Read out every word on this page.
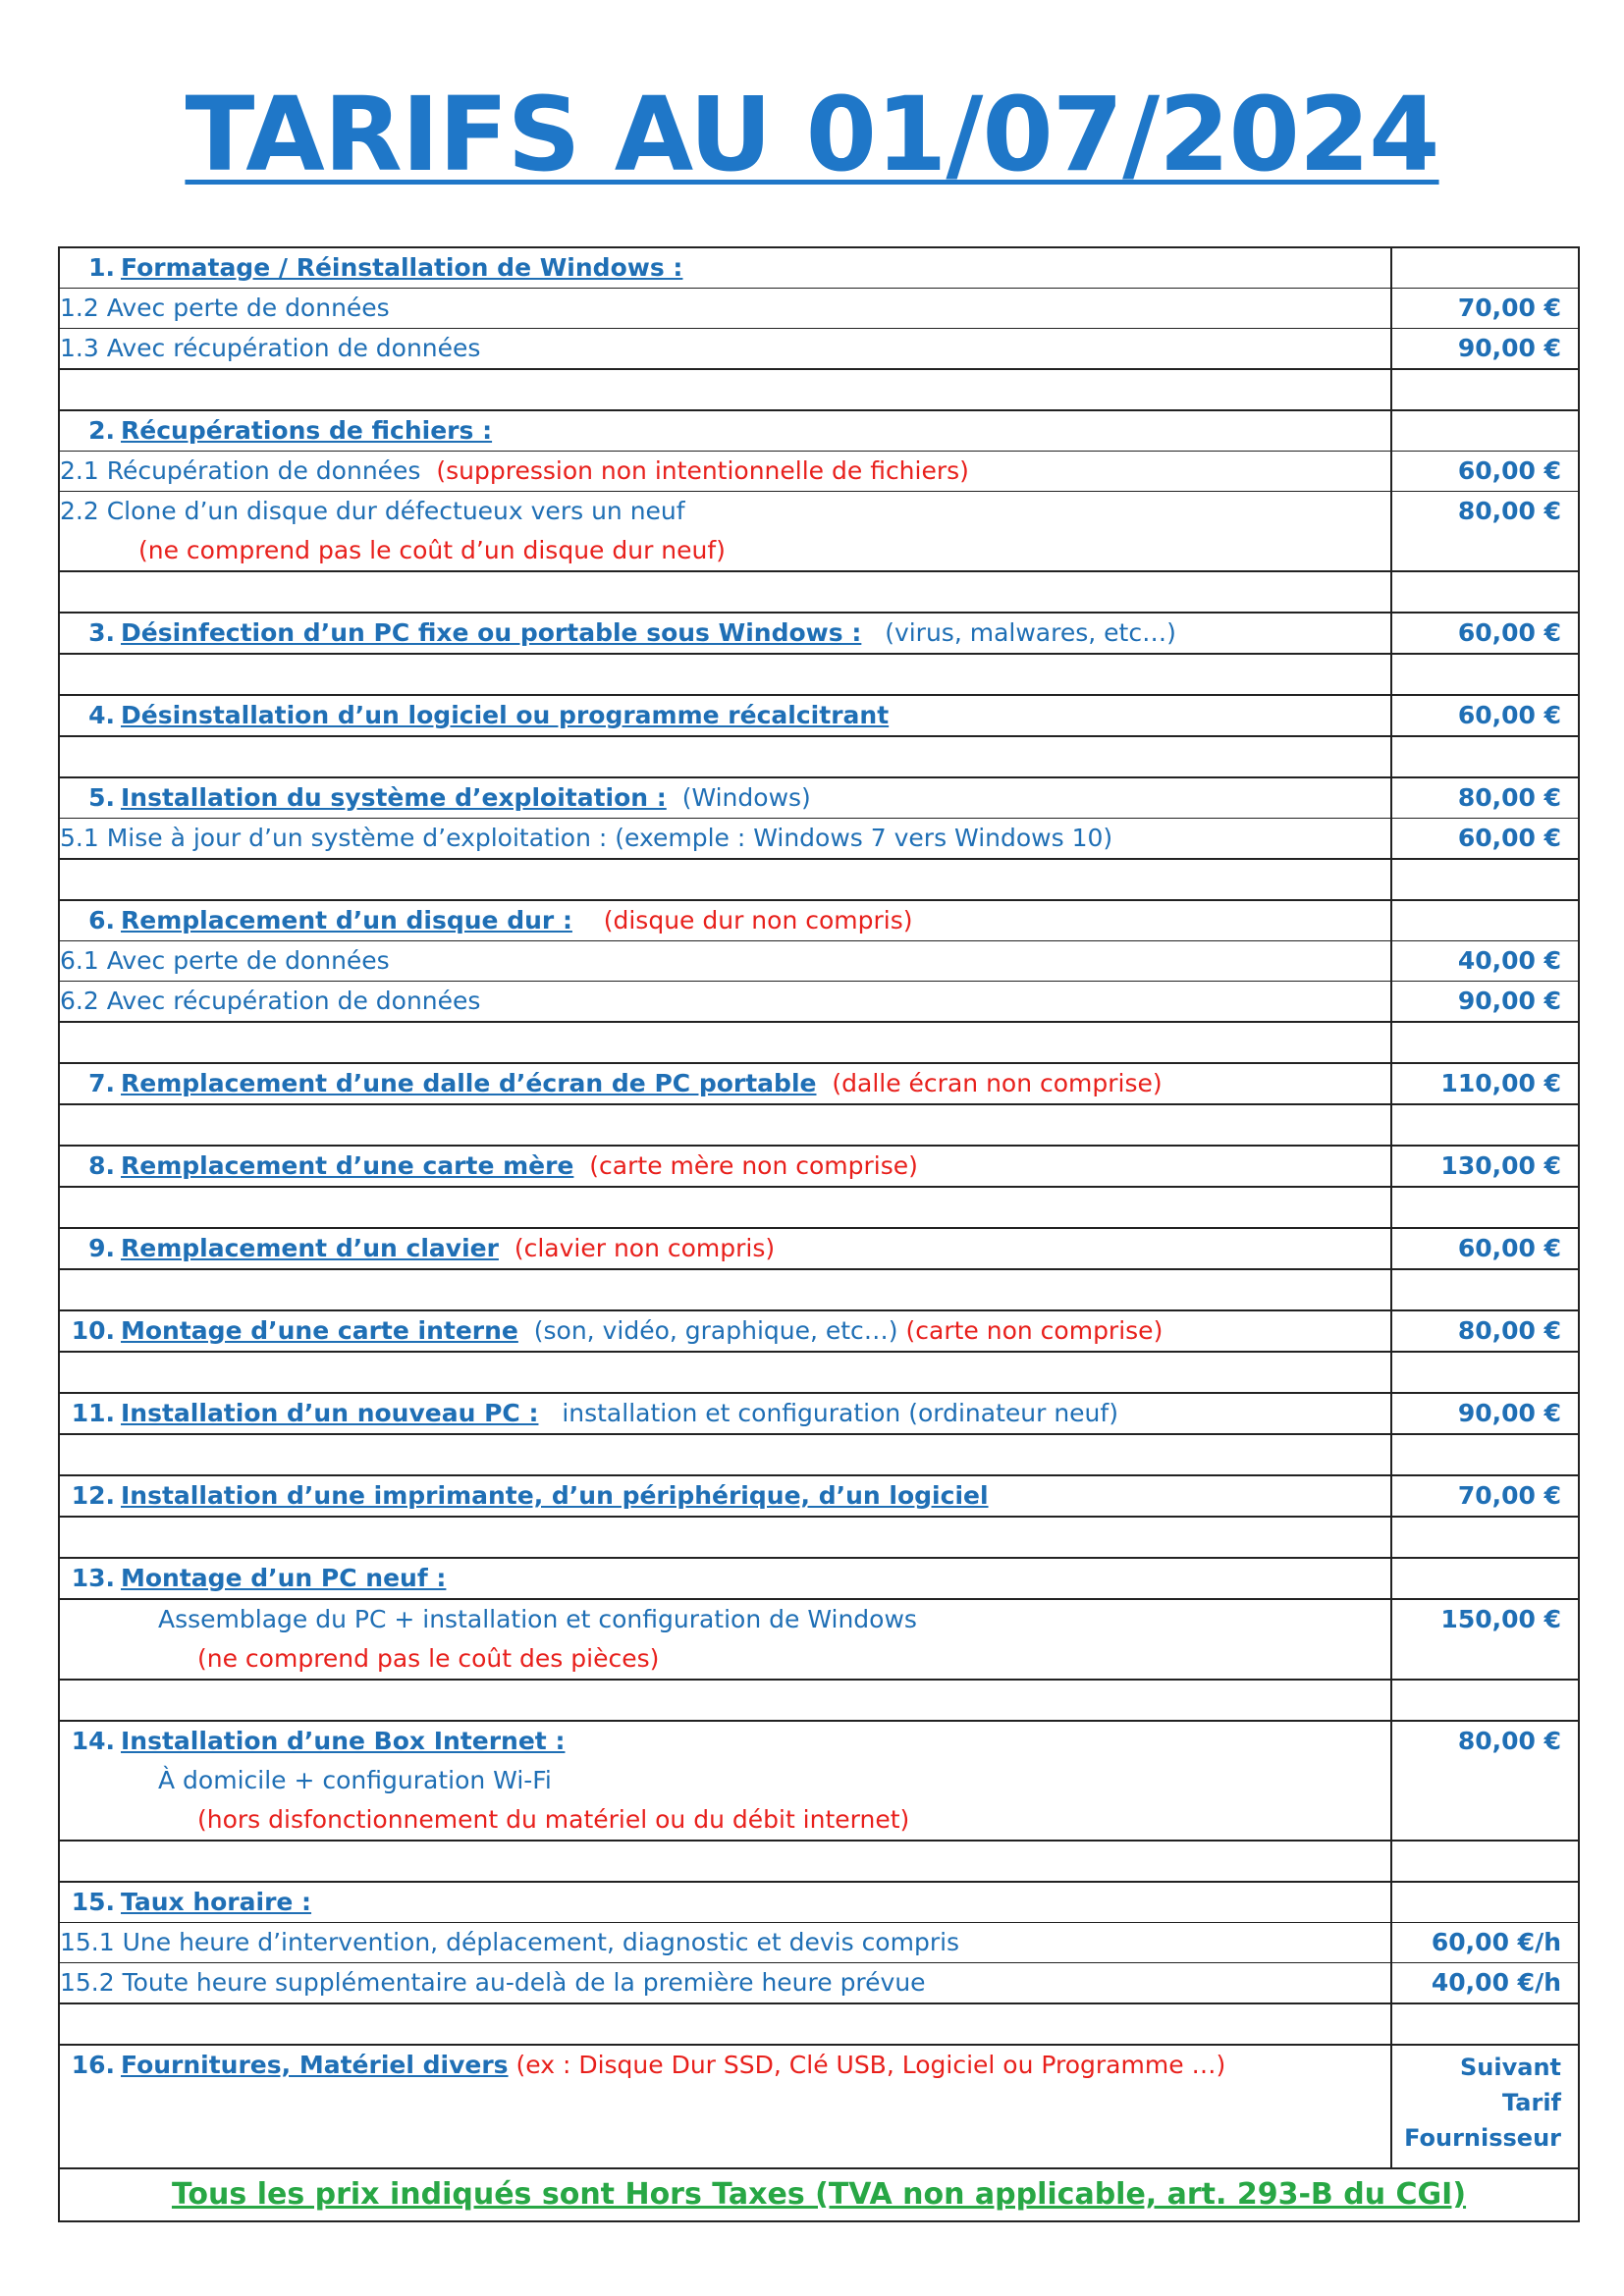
TARIFS AU 01/07/2024
1. Formatage / Réinstallation de Windows :	
1.2 Avec perte de données	70,00 €
1.3 Avec récupération de données	90,00 €

2. Récupérations de fichiers :	
2.1 Récupération de données (suppression non intentionnelle de fichiers)	60,00 €

2.2 Clone d’un disque dur défectueux vers un neuf
(ne comprend pas le coût d’un disque dur neuf)	80,00 €

3. Désinfection d’un PC fixe ou portable sous Windows : (virus, malwares, etc…)	60,00 €

4. Désinstallation d’un logiciel ou programme récalcitrant	60,00 €

5. Installation du système d’exploitation : (Windows)	80,00 €
5.1 Mise à jour d’un système d’exploitation : (exemple : Windows 7 vers Windows 10)	60,00 €

6. Remplacement d’un disque dur : (disque dur non compris)	
6.1 Avec perte de données	40,00 €
6.2 Avec récupération de données	90,00 €

7. Remplacement d’une dalle d’écran de PC portable (dalle écran non comprise)	110,00 €

8. Remplacement d’une carte mère (carte mère non comprise)	130,00 €

9. Remplacement d’un clavier (clavier non compris)	60,00 €

10. Montage d’une carte interne (son, vidéo, graphique, etc…) (carte non comprise)	80,00 €

11. Installation d’un nouveau PC : installation et configuration (ordinateur neuf)	90,00 €

12. Installation d’une imprimante, d’un périphérique, d’un logiciel	70,00 €

13. Montage d’un PC neuf :	

Assemblage du PC + installation et configuration de Windows
(ne comprend pas le coût des pièces)	150,00 €

14. Installation d’une Box Internet :
À domicile + configuration Wi-Fi
(hors disfonctionnement du matériel ou du débit internet)	80,00 €

15. Taux horaire :	
15.1 Une heure d’intervention, déplacement, diagnostic et devis compris	60,00 €/h
15.2 Toute heure supplémentaire au-delà de la première heure prévue	40,00 €/h

16. Fournitures, Matériel divers (ex : Disque Dur SSD, Clé USB, Logiciel ou Programme …)	Suivant
Tarif
Fournisseur

Tous les prix indiqués sont Hors Taxes (TVA non applicable, art. 293-B du CGI)	
